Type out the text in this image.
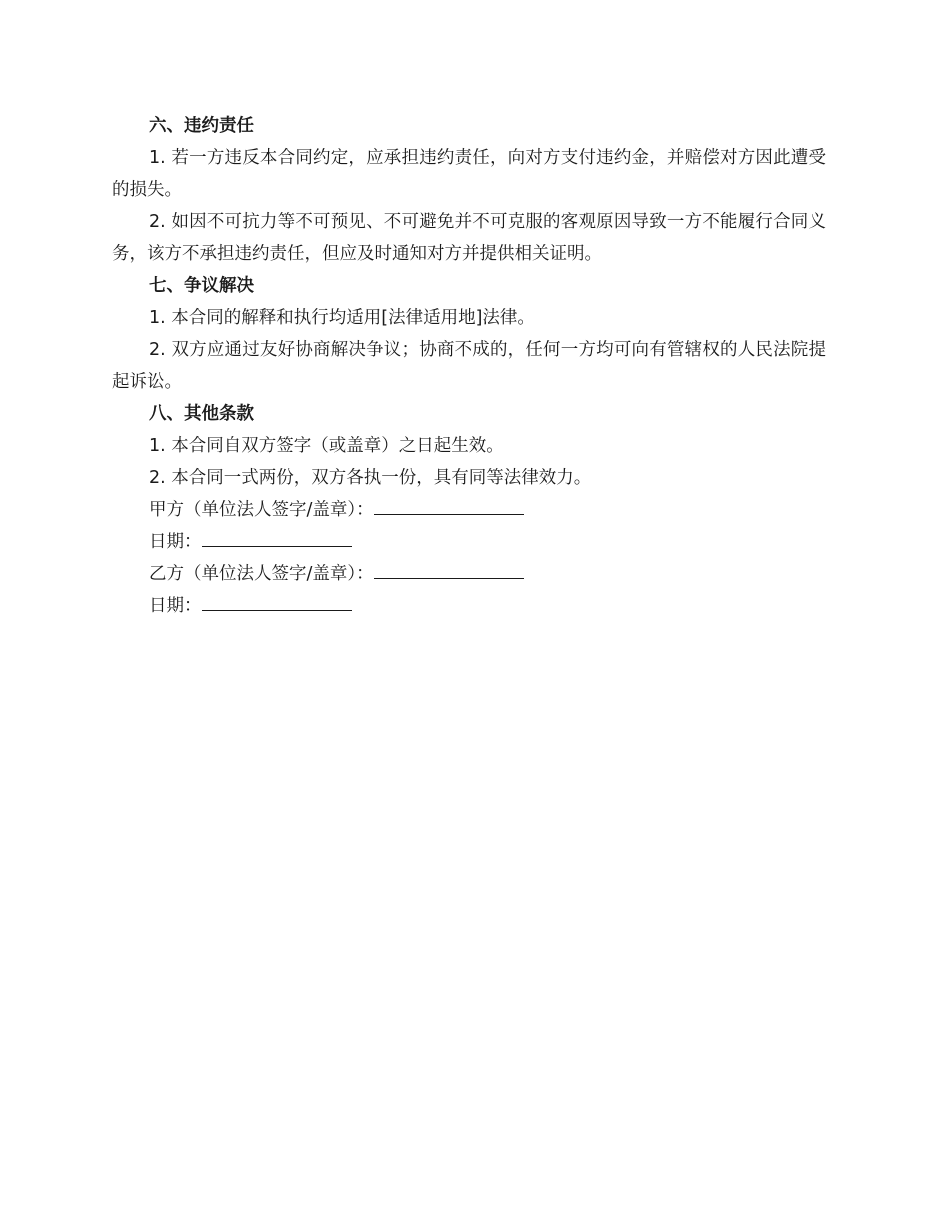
六、违约责任

1. 若一方违反本合同约定，应承担违约责任，向对方支付违约金，并赔偿对方因此遭受的损失。

2. 如因不可抗力等不可预见、不可避免并不可克服的客观原因导致一方不能履行合同义务，该方不承担违约责任，但应及时通知对方并提供相关证明。

七、争议解决

1. 本合同的解释和执行均适用[法律适用地]法律。

2. 双方应通过友好协商解决争议；协商不成的，任何一方均可向有管辖权的人民法院提起诉讼。

八、其他条款

1. 本合同自双方签字（或盖章）之日起生效。

2. 本合同一式两份，双方各执一份，具有同等法律效力。

甲方（单位法人签字/盖章）：

日期：

乙方（单位法人签字/盖章）：

日期：
